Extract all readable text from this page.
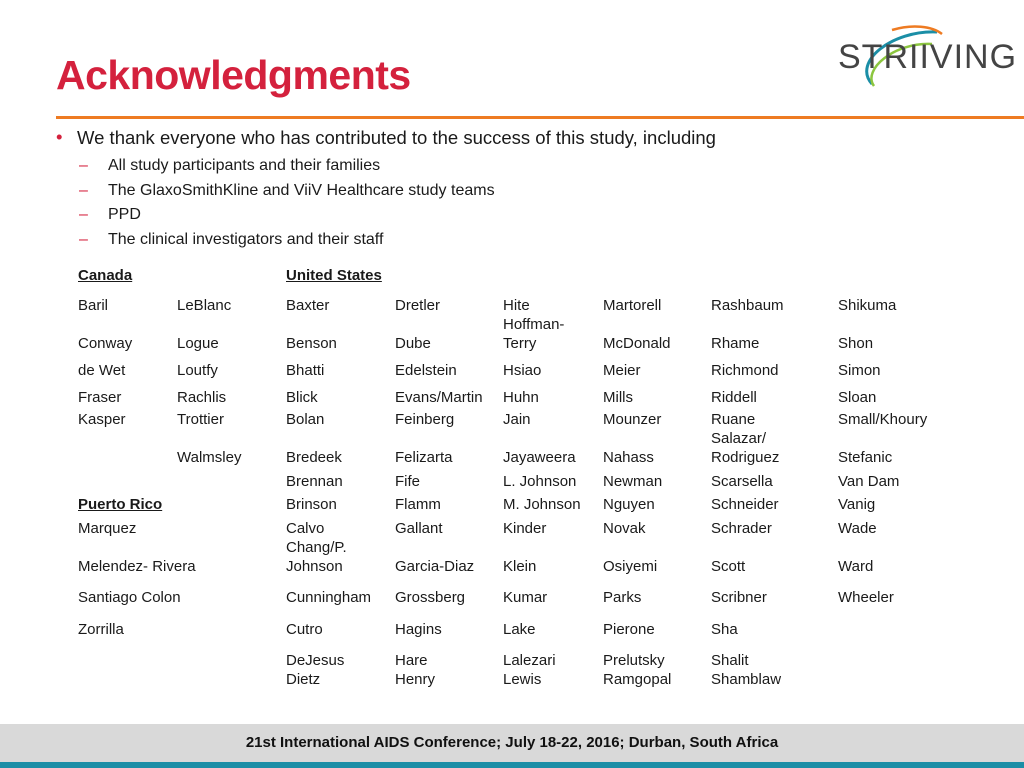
Acknowledgments	STRIIVING
• We thank everyone who has contributed to the success of this study, including
– All study participants and their families
– The GlaxoSmithKline and ViiV Healthcare study teams
– PPD
– The clinical investigators and their staff
Canada	United States
Puerto Rico
Baril
Conway
de Wet
Fraser
Kasper
LeBlanc
Logue
Loutfy
Rachlis
Trottier
Walmsley
Marquez
Melendez- Rivera
Santiago Colon
Zorrilla
Baxter
Benson
Bhatti
Blick
Bolan
Bredeek
Brennan
Brinson
Calvo
Chang/P.
Johnson
Cunningham
Cutro
DeJesus
Dietz
Dretler
Dube
Edelstein
Evans/Martin
Feinberg
Felizarta
Fife
Flamm
Gallant
Garcia-Diaz
Grossberg
Hagins
Hare
Henry
Hite
Hoffman-
Terry
Hsiao
Huhn
Jain
Jayaweera
L. Johnson
M. Johnson
Kinder
Klein
Kumar
Lake
Lalezari
Lewis
Martorell
McDonald
Meier
Mills
Mounzer
Nahass
Newman
Nguyen
Novak
Osiyemi
Parks
Pierone
Prelutsky
Ramgopal
Rashbaum
Rhame
Richmond
Riddell
Ruane
Salazar/
Rodriguez
Scarsella
Schneider
Schrader
Scott
Scribner
Sha
Shalit
Shamblaw
Shikuma
Shon
Simon
Sloan
Small/Khoury
Stefanic
Van Dam
Vanig
Wade
Ward
Wheeler
21st International AIDS Conference; July 18-22, 2016; Durban, South Africa
